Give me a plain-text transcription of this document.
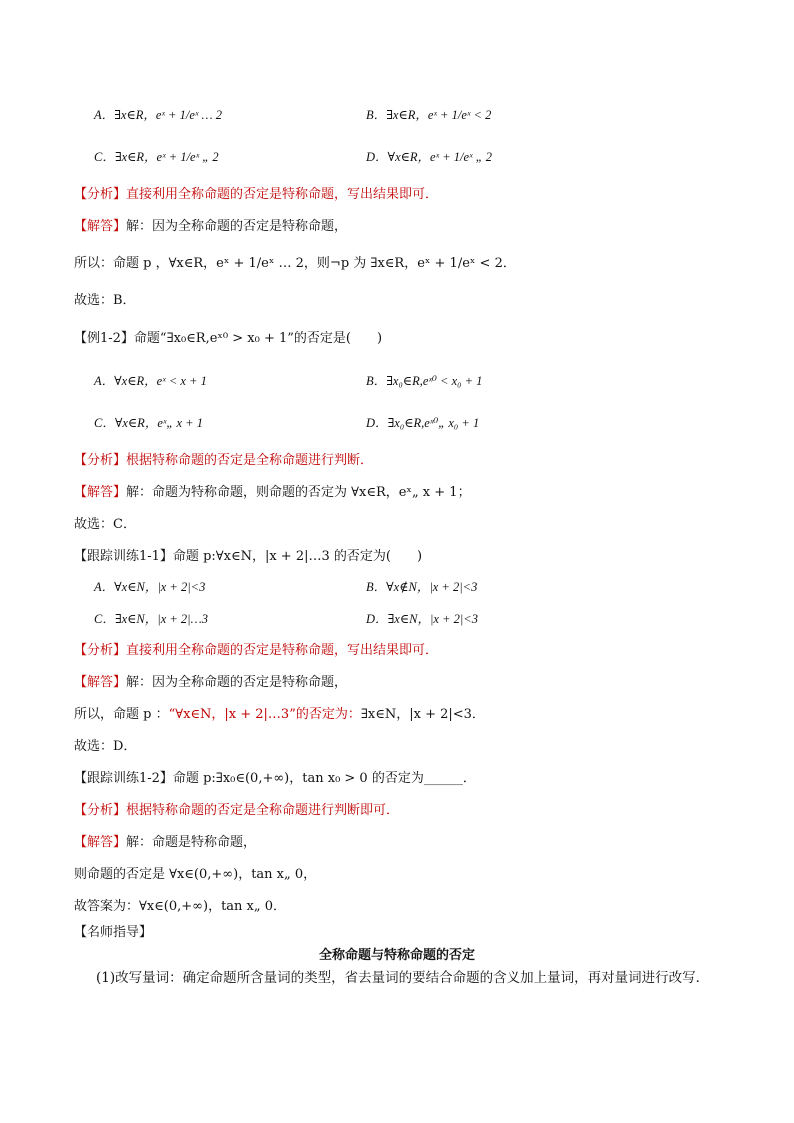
A．∃x∈R，eˣ + 1/eˣ … 2	B．∃x∈R，eˣ + 1/eˣ < 2
C．∃x∈R，eˣ + 1/eˣ „ 2	D．∀x∈R，eˣ + 1/eˣ „ 2
【分析】直接利用全称命题的否定是特称命题，写出结果即可．
【解答】解：因为全称命题的否定是特称命题，
所以：命题 p ，∀x∈R，eˣ + 1/eˣ … 2，则¬p 为 ∃x∈R，eˣ + 1/eˣ < 2．
故选：B．
【例1-2】命题“∃x₀∈R,eˣ⁰ > x₀ + 1”的否定是(　　)
A．∀x∈R，eˣ < x + 1	B．∃x₀∈R,eˣ⁰ < x₀ + 1
C．∀x∈R，eˣ„ x + 1	D．∃x₀∈R,eˣ⁰„ x₀ + 1
【分析】根据特称命题的否定是全称命题进行判断．
【解答】解：命题为特称命题，则命题的否定为 ∀x∈R，eˣ„ x + 1；
故选：C．
【跟踪训练1-1】命题 p:∀x∈N，|x + 2|…3 的否定为(　　)
A．∀x∈N，|x + 2|<3	B．∀x∉N，|x + 2|<3
C．∃x∈N，|x + 2|…3	D．∃x∈N，|x + 2|<3
【分析】直接利用全称命题的否定是特称命题，写出结果即可．
【解答】解：因为全称命题的否定是特称命题，
所以，命题 p ：“∀x∈N，|x + 2|…3”的否定为：∃x∈N，|x + 2|<3．
故选：D．
【跟踪训练1-2】命题 p:∃x₀∈(0,+∞)，tan x₀ > 0 的否定为______．
【分析】根据特称命题的否定是全称命题进行判断即可．
【解答】解：命题是特称命题，
则命题的否定是 ∀x∈(0,+∞)，tan x„ 0，
故答案为：∀x∈(0,+∞)，tan x„ 0．
【名师指导】
全称命题与特称命题的否定
(1)改写量词：确定命题所含量词的类型，省去量词的要结合命题的含义加上量词，再对量词进行改写．
